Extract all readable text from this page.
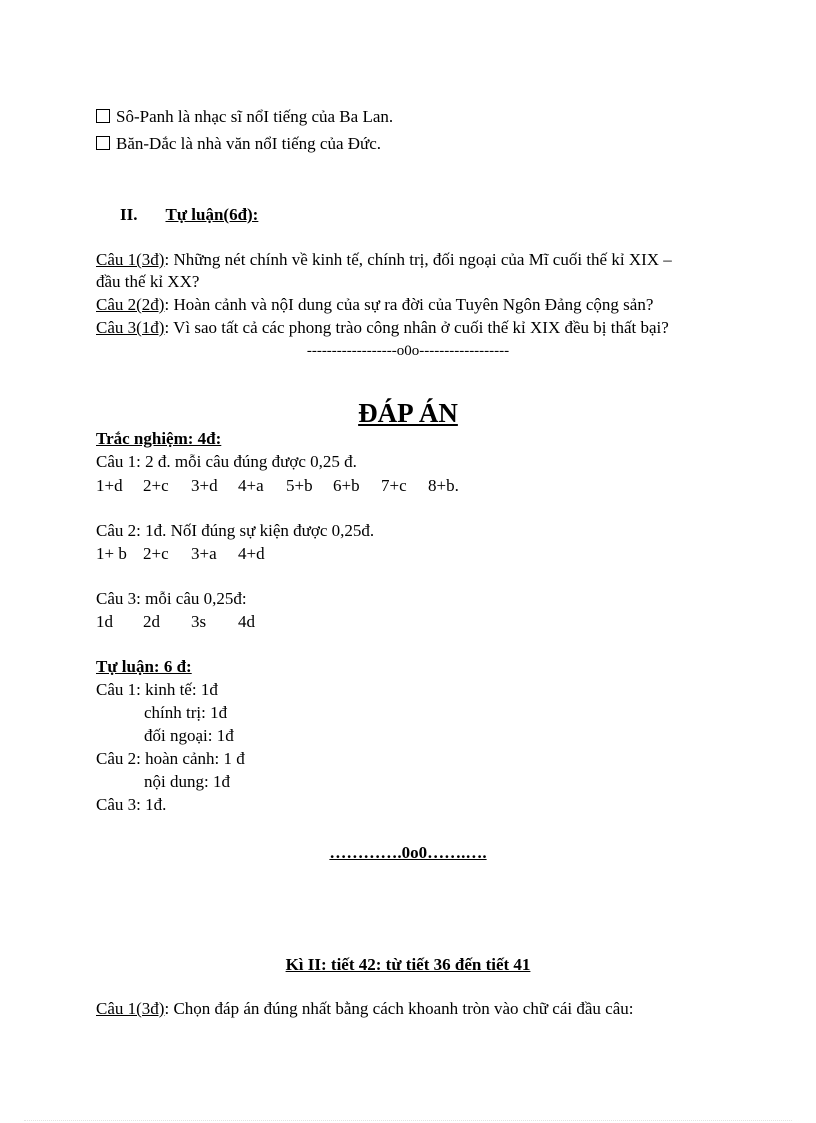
Sô-Panh là nhạc sĩ nổI tiếng của Ba Lan.
Băn-Dắc là nhà văn nổI tiếng của Đức.
II. Tự luận(6đ):
Câu 1(3đ): Những nét chính về kinh tế, chính trị, đối ngoại của Mĩ cuối thế kỉ XIX –
đầu thế kỉ XX?
Câu 2(2đ): Hoàn cảnh và nộI dung của sự ra đời của Tuyên Ngôn Đảng cộng sản?
Câu 3(1đ): Vì sao tất cả các phong trào công nhân ở cuối thế kỉ XIX đều bị thất bại?
------------------o0o------------------
ĐÁP ÁN
Trắc nghiệm: 4đ:
Câu 1: 2 đ. mỗi câu đúng được 0,25 đ.
1+d 2+c 3+d 4+a 5+b 6+b 7+c 8+b.
Câu 2: 1đ. NốI đúng sự kiện được 0,25đ.
1+ b 2+c 3+a 4+d
Câu 3: mỗi câu 0,25đ:
1d 2d 3s 4d
Tự luận: 6 đ:
Câu 1: kinh tế: 1đ
chính trị: 1đ
đối ngoại: 1đ
Câu 2: hoàn cảnh: 1 đ
nội dung: 1đ
Câu 3: 1đ.
………….0o0…….….
Kì II: tiết 42: từ tiết 36 đến tiết 41
Câu 1(3đ): Chọn đáp án đúng nhất bằng cách khoanh tròn vào chữ cái đầu câu:
